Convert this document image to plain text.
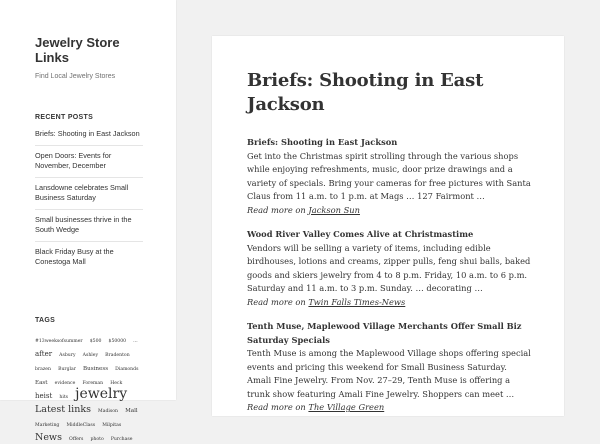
Jewelry Store Links
Find Local Jewelry Stores
RECENT POSTS
Briefs: Shooting in East Jackson
Open Doors: Events for November, December
Lansdowne celebrates Small Business Saturday
Small businesses thrive in the South Wedge
Black Friday Busy at the Conestoga Mall
TAGS
#13weeksofsummer $500 $50000 … after Asbury Ashley Bradenton brazen Burglar Business Diamonds East evidence Foreman Heck heist hits jewelry Latest links Madison Mall Marketing MiddleClass Milpitas News Offers photo Purchase
Briefs: Shooting in East Jackson
Briefs: Shooting in East Jackson
Get into the Christmas spirit strolling through the various shops while enjoying refreshments, music, door prize drawings and a variety of specials. Bring your cameras for free pictures with Santa Claus from 11 a.m. to 1 p.m. at Mags … 127 Fairmont …
Read more on Jackson Sun
Wood River Valley Comes Alive at Christmastime
Vendors will be selling a variety of items, including edible birdhouses, lotions and creams, zipper pulls, feng shui balls, baked goods and skiers jewelry from 4 to 8 p.m. Friday, 10 a.m. to 6 p.m. Saturday and 11 a.m. to 3 p.m. Sunday. … decorating …
Read more on Twin Falls Times-News
Tenth Muse, Maplewood Village Merchants Offer Small Biz Saturday Specials
Tenth Muse is among the Maplewood Village shops offering special events and pricing this weekend for Small Business Saturday. Amali Fine Jewelry. From Nov. 27–29, Tenth Muse is offering a trunk show featuring Amali Fine Jewelry. Shoppers can meet …
Read more on The Village Green
